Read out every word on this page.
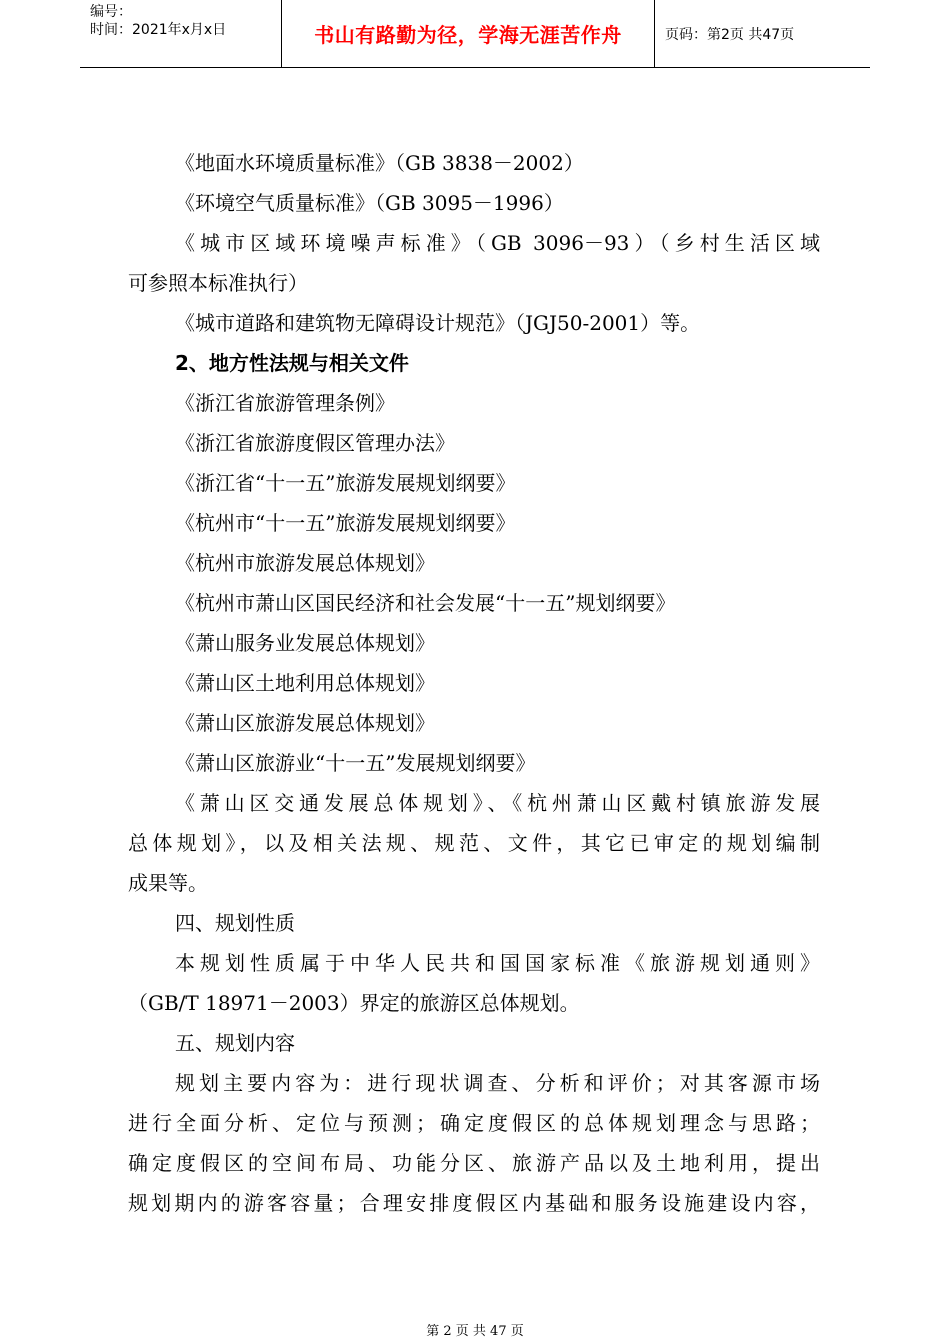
编号：
时间：2021年x月x日	书山有路勤为径，学海无涯苦作舟	页码：第2页 共47页
《地面水环境质量标准》（GB 3838－2002）
《环境空气质量标准》（GB 3095－1996）
《城市区域环境噪声标准》（GB 3096－93）（乡村生活区域
可参照本标准执行）
《城市道路和建筑物无障碍设计规范》（JGJ50-2001）等。
2、地方性法规与相关文件
《浙江省旅游管理条例》
《浙江省旅游度假区管理办法》
《浙江省“十一五”旅游发展规划纲要》
《杭州市“十一五”旅游发展规划纲要》
《杭州市旅游发展总体规划》
《杭州市萧山区国民经济和社会发展“十一五”规划纲要》
《萧山服务业发展总体规划》
《萧山区土地利用总体规划》
《萧山区旅游发展总体规划》
《萧山区旅游业“十一五”发展规划纲要》
《萧山区交通发展总体规划》、《杭州萧山区戴村镇旅游发展
总体规划》，以及相关法规、规范、文件，其它已审定的规划编制
成果等。
四、规划性质
本规划性质属于中华人民共和国国家标准《旅游规划通则》
（GB/T 18971－2003）界定的旅游区总体规划。
五、规划内容
规划主要内容为：进行现状调查、分析和评价；对其客源市场
进行全面分析、定位与预测；确定度假区的总体规划理念与思路；
确定度假区的空间布局、功能分区、旅游产品以及土地利用，提出
规划期内的游客容量；合理安排度假区内基础和服务设施建设内容，
第 2 页 共 47 页
